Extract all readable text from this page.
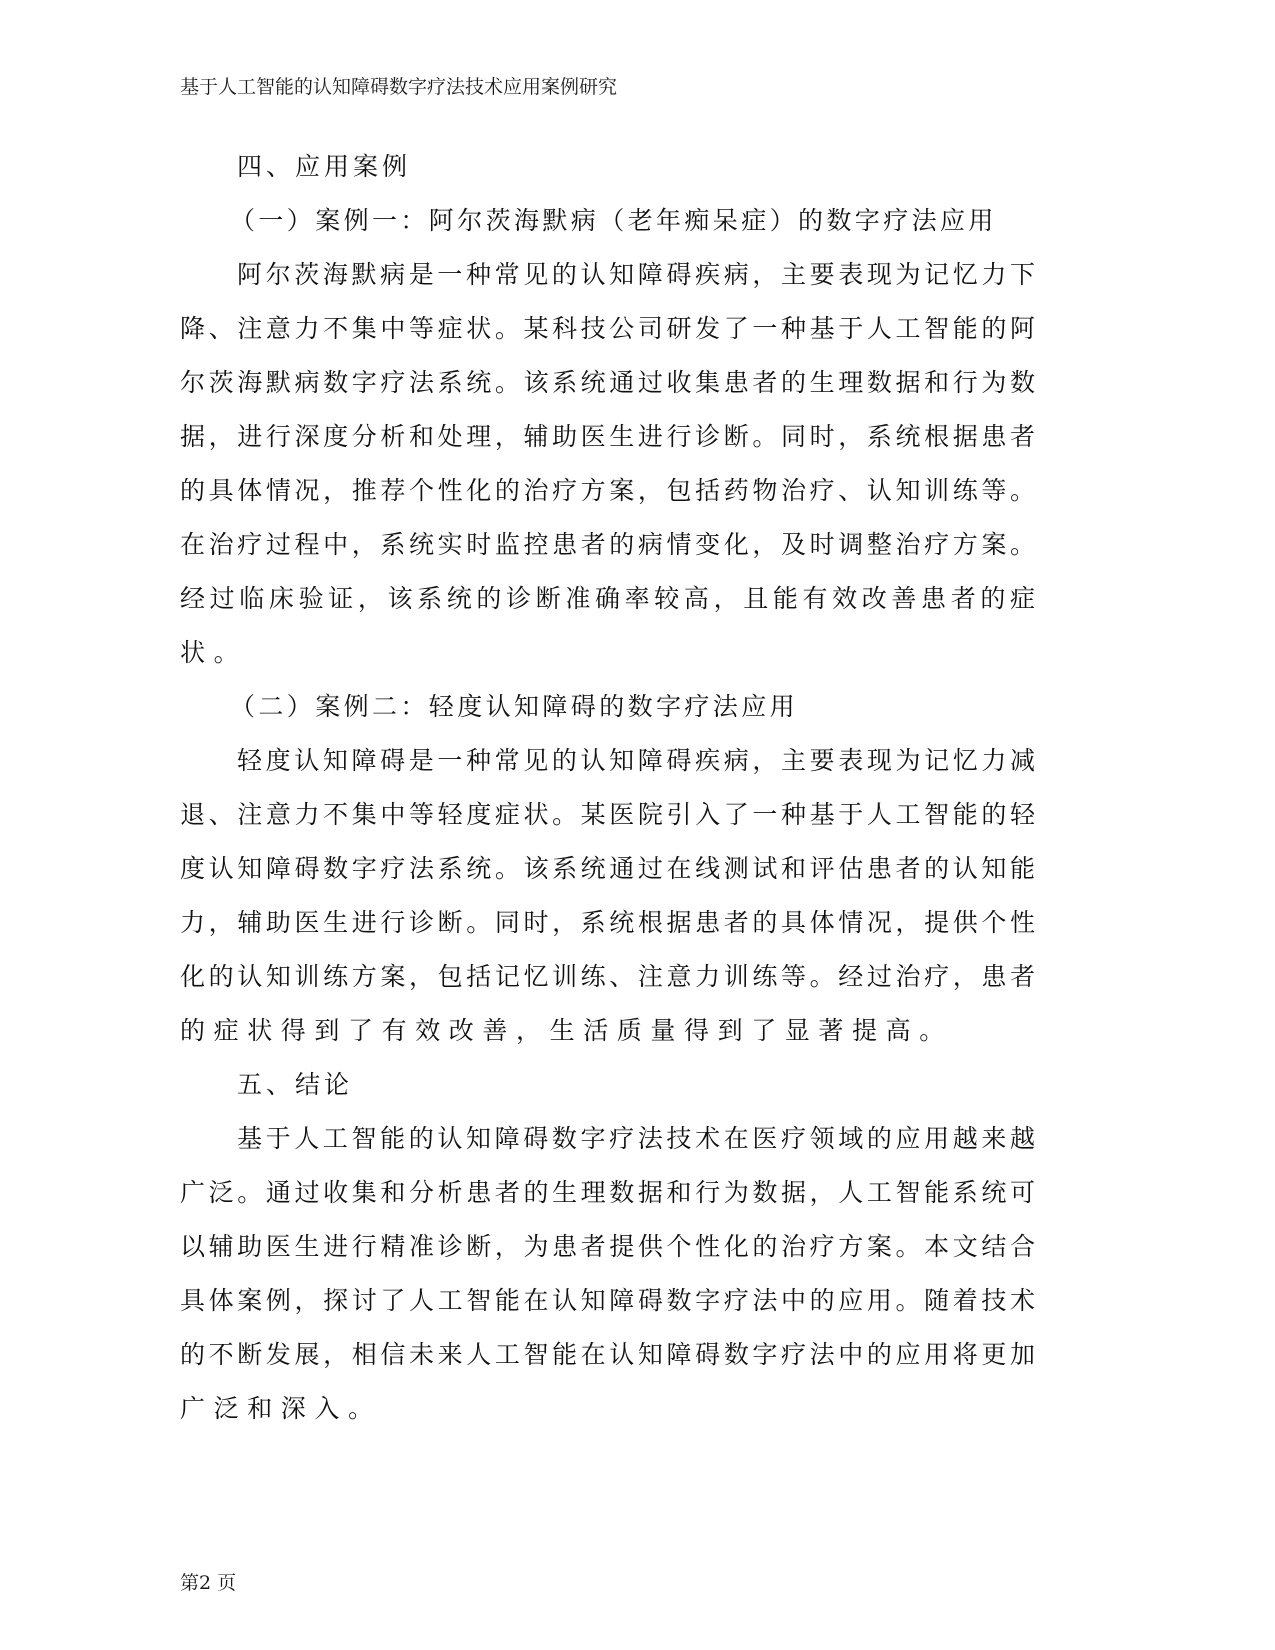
基于人工智能的认知障碍数字疗法技术应用案例研究
四、应用案例
（一）案例一：阿尔茨海默病（老年痴呆症）的数字疗法应用
阿尔茨海默病是一种常见的认知障碍疾病，主要表现为记忆力下
降、注意力不集中等症状。某科技公司研发了一种基于人工智能的阿
尔茨海默病数字疗法系统。该系统通过收集患者的生理数据和行为数
据，进行深度分析和处理，辅助医生进行诊断。同时，系统根据患者
的具体情况，推荐个性化的治疗方案，包括药物治疗、认知训练等。
在治疗过程中，系统实时监控患者的病情变化，及时调整治疗方案。
经过临床验证，该系统的诊断准确率较高，且能有效改善患者的症
状。
（二）案例二：轻度认知障碍的数字疗法应用
轻度认知障碍是一种常见的认知障碍疾病，主要表现为记忆力减
退、注意力不集中等轻度症状。某医院引入了一种基于人工智能的轻
度认知障碍数字疗法系统。该系统通过在线测试和评估患者的认知能
力，辅助医生进行诊断。同时，系统根据患者的具体情况，提供个性
化的认知训练方案，包括记忆训练、注意力训练等。经过治疗，患者
的症状得到了有效改善，生活质量得到了显著提高。
五、结论
基于人工智能的认知障碍数字疗法技术在医疗领域的应用越来越
广泛。通过收集和分析患者的生理数据和行为数据，人工智能系统可
以辅助医生进行精准诊断，为患者提供个性化的治疗方案。本文结合
具体案例，探讨了人工智能在认知障碍数字疗法中的应用。随着技术
的不断发展，相信未来人工智能在认知障碍数字疗法中的应用将更加
广泛和深入。
第2 页
